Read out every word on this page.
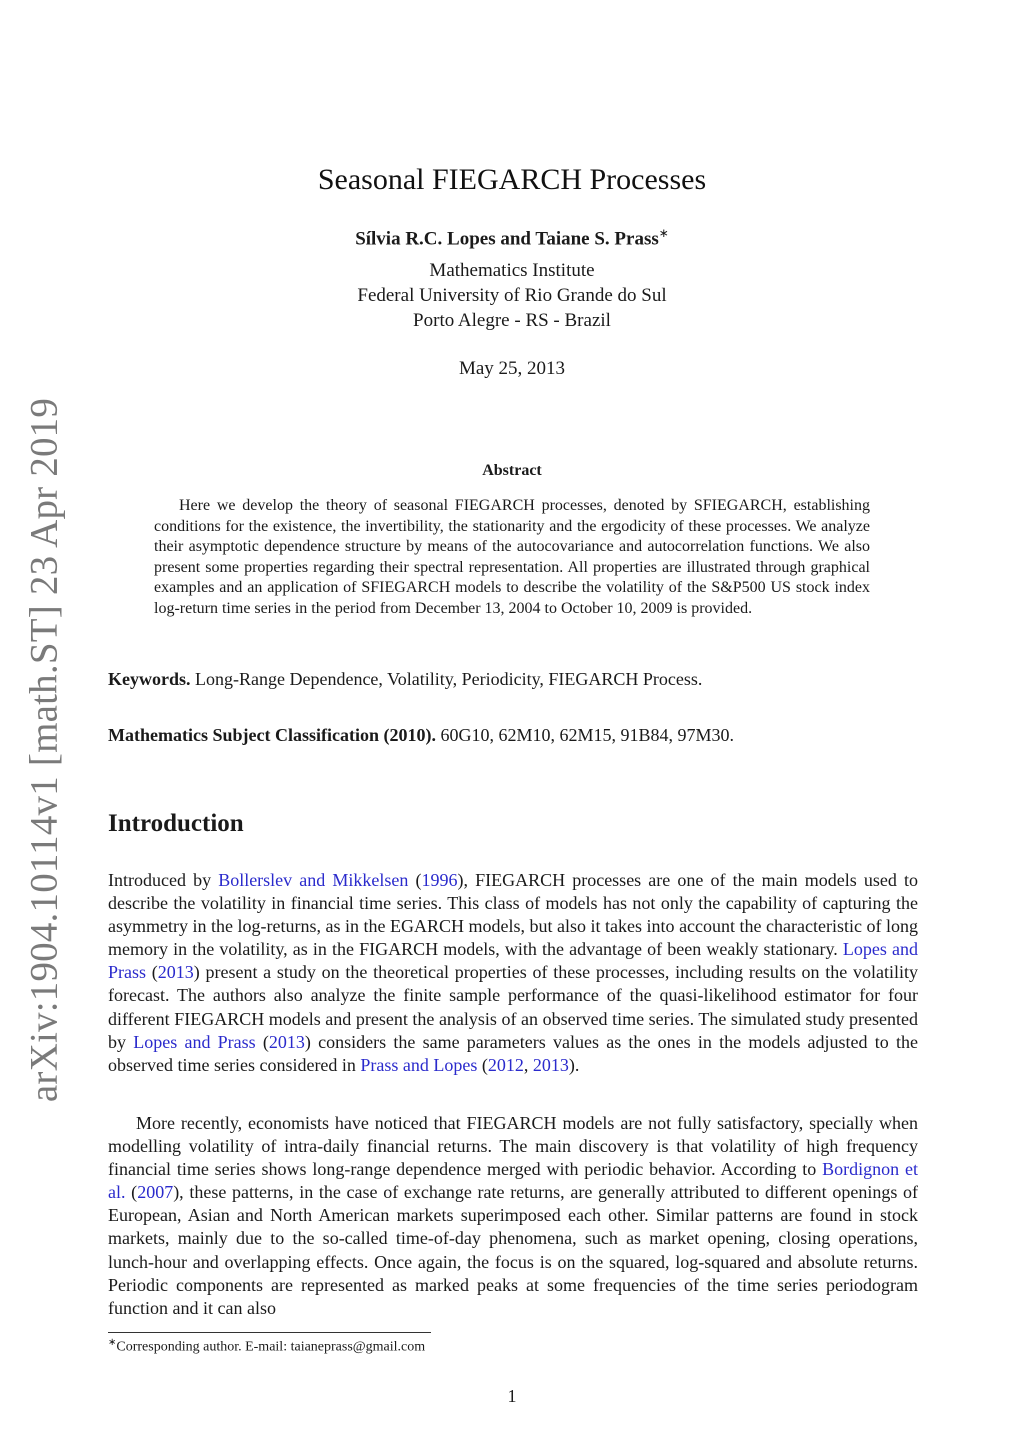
arXiv:1904.10114v1 [math.ST] 23 Apr 2019
Seasonal FIEGARCH Processes
Sílvia R.C. Lopes and Taiane S. Prass∗
Mathematics Institute
Federal University of Rio Grande do Sul
Porto Alegre - RS - Brazil
May 25, 2013
Abstract

Here we develop the theory of seasonal FIEGARCH processes, denoted by SFIEGARCH, establishing conditions for the existence, the invertibility, the stationarity and the ergodicity of these processes. We analyze their asymptotic dependence structure by means of the autocovariance and autocorrelation functions. We also present some properties regarding their spectral representation. All properties are illustrated through graphical examples and an application of SFIEGARCH models to describe the volatility of the S&P500 US stock index log-return time series in the period from December 13, 2004 to October 10, 2009 is provided.

Keywords. Long-Range Dependence, Volatility, Periodicity, FIEGARCH Process.

Mathematics Subject Classification (2010). 60G10, 62M10, 62M15, 91B84, 97M30.

Introduction

Introduced by Bollerslev and Mikkelsen (1996), FIEGARCH processes are one of the main models used to describe the volatility in financial time series. This class of models has not only the capability of capturing the asymmetry in the log-returns, as in the EGARCH models, but also it takes into account the characteristic of long memory in the volatility, as in the FIGARCH models, with the advantage of been weakly stationary. Lopes and Prass (2013) present a study on the theoretical properties of these processes, including results on the volatility forecast. The authors also analyze the finite sample performance of the quasi-likelihood estimator for four different FIEGARCH models and present the analysis of an observed time series. The simulated study presented by Lopes and Prass (2013) considers the same parameters values as the ones in the models adjusted to the observed time series considered in Prass and Lopes (2012, 2013).

More recently, economists have noticed that FIEGARCH models are not fully satisfactory, specially when modelling volatility of intra-daily financial returns. The main discovery is that volatility of high frequency financial time series shows long-range dependence merged with periodic behavior. According to Bordignon et al. (2007), these patterns, in the case of exchange rate returns, are generally attributed to different openings of European, Asian and North American markets superimposed each other. Similar patterns are found in stock markets, mainly due to the so-called time-of-day phenomena, such as market opening, closing operations, lunch-hour and overlapping effects. Once again, the focus is on the squared, log-squared and absolute returns. Periodic components are represented as marked peaks at some frequencies of the time series periodogram function and it can also

∗Corresponding author. E-mail: taianeprass@gmail.com
1
